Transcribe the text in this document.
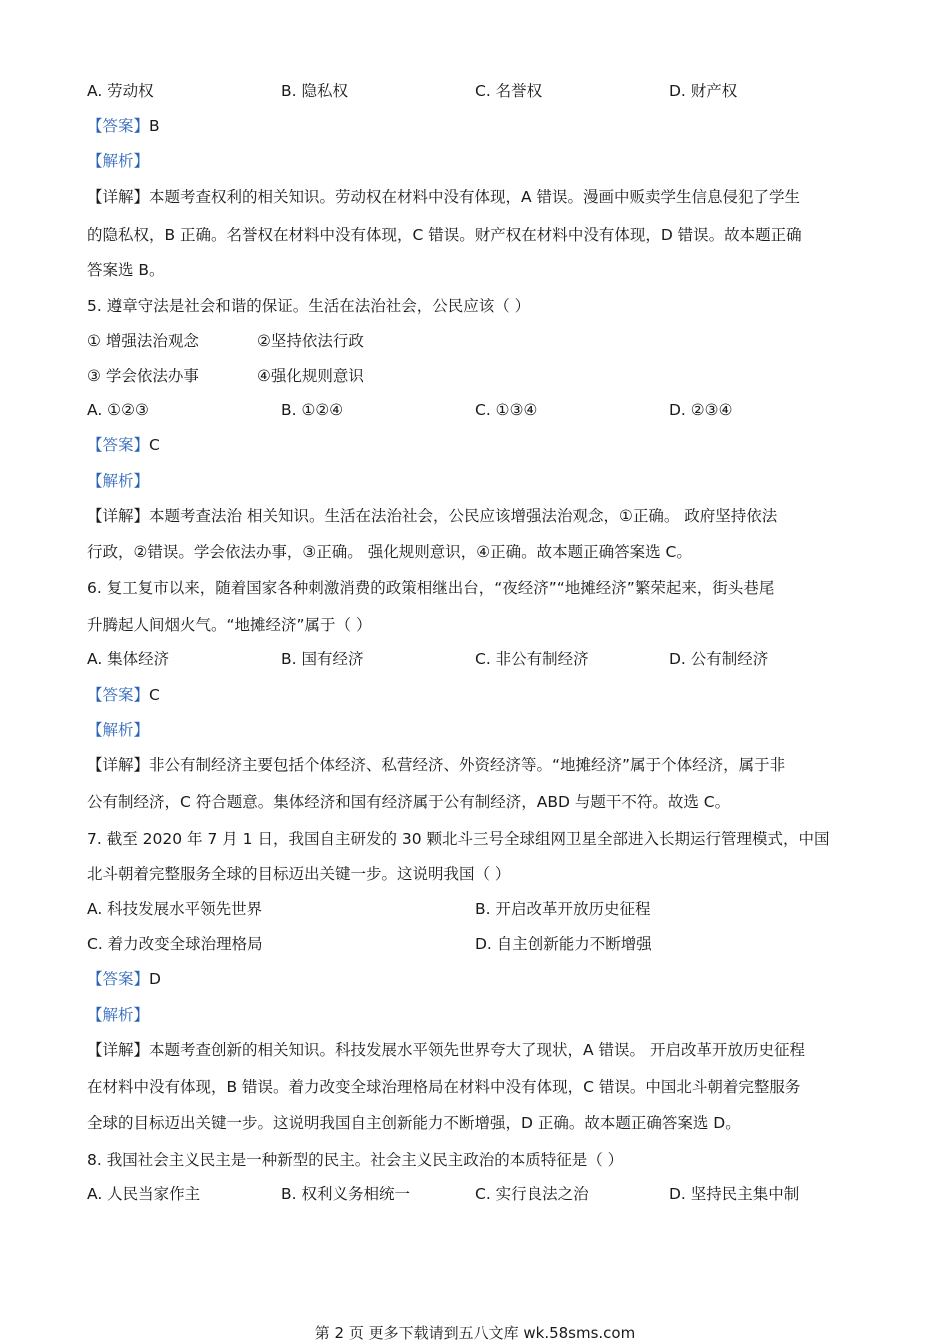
A. 劳动权	B. 隐私权	C. 名誉权	D. 财产权
【答案】B
【解析】
【详解】本题考查权利的相关知识。劳动权在材料中没有体现，A 错误。漫画中贩卖学生信息侵犯了学生
的隐私权，B 正确。名誉权在材料中没有体现，C 错误。财产权在材料中没有体现，D 错误。故本题正确
答案选 B。
5. 遵章守法是社会和谐的保证。生活在法治社会，公民应该（ ）
① 增强法治观念	②坚持依法行政
③ 学会依法办事	④强化规则意识
A. ①②③	B. ①②④	C. ①③④	D. ②③④
【答案】C
【解析】
【详解】本题考查法治 相关知识。生活在法治社会，公民应该增强法治观念，①正确。 政府坚持依法
行政，②错误。学会依法办事，③正确。 强化规则意识，④正确。故本题正确答案选 C。
6. 复工复市以来，随着国家各种刺激消费的政策相继出台，“夜经济”“地摊经济”繁荣起来，街头巷尾
升腾起人间烟火气。“地摊经济”属于（ ）
A. 集体经济	B. 国有经济	C. 非公有制经济	D. 公有制经济
【答案】C
【解析】
【详解】非公有制经济主要包括个体经济、私营经济、外资经济等。“地摊经济”属于个体经济，属于非
公有制经济，C 符合题意。集体经济和国有经济属于公有制经济，ABD 与题干不符。故选 C。
7. 截至 2020 年 7 月 1 日，我国自主研发的 30 颗北斗三号全球组网卫星全部进入长期运行管理模式，中国
北斗朝着完整服务全球的目标迈出关键一步。这说明我国（ ）
A. 科技发展水平领先世界	B. 开启改革开放历史征程
C. 着力改变全球治理格局	D. 自主创新能力不断增强
【答案】D
【解析】
【详解】本题考查创新的相关知识。科技发展水平领先世界夸大了现状，A 错误。 开启改革开放历史征程
在材料中没有体现，B 错误。着力改变全球治理格局在材料中没有体现，C 错误。中国北斗朝着完整服务
全球的目标迈出关键一步。这说明我国自主创新能力不断增强，D 正确。故本题正确答案选 D。
8. 我国社会主义民主是一种新型的民主。社会主义民主政治的本质特征是（ ）
A. 人民当家作主	B. 权利义务相统一	C. 实行良法之治	D. 坚持民主集中制
第 2 页 更多下载请到五八文库 wk.58sms.com
